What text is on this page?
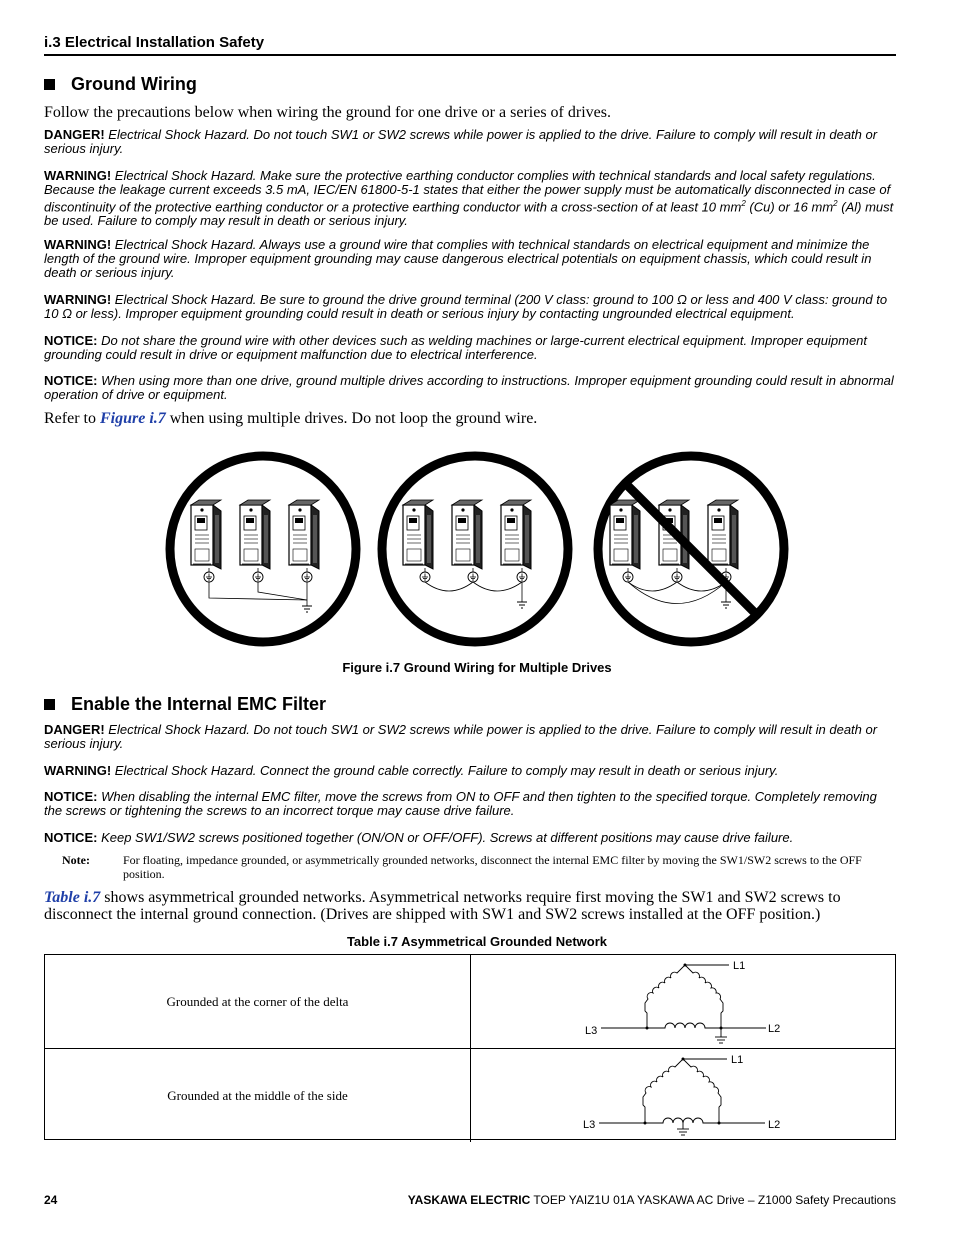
i.3 Electrical Installation Safety
Ground Wiring
Follow the precautions below when wiring the ground for one drive or a series of drives.
DANGER! Electrical Shock Hazard. Do not touch SW1 or SW2 screws while power is applied to the drive. Failure to comply will result in death or serious injury.
WARNING! Electrical Shock Hazard. Make sure the protective earthing conductor complies with technical standards and local safety regulations. Because the leakage current exceeds 3.5 mA, IEC/EN 61800-5-1 states that either the power supply must be automatically disconnected in case of discontinuity of the protective earthing conductor or a protective earthing conductor with a cross-section of at least 10 $mm^2$ (Cu) or 16 $mm^2$ (Al) must be used. Failure to comply may result in death or serious injury.
WARNING! Electrical Shock Hazard. Always use a ground wire that complies with technical standards on electrical equipment and minimize the length of the ground wire. Improper equipment grounding may cause dangerous electrical potentials on equipment chassis, which could result in death or serious injury.
WARNING! Electrical Shock Hazard. Be sure to ground the drive ground terminal (200 V class: ground to 100 Ω or less and 400 V class: ground to 10 Ω or less). Improper equipment grounding could result in death or serious injury by contacting ungrounded electrical equipment.
NOTICE: Do not share the ground wire with other devices such as welding machines or large-current electrical equipment. Improper equipment grounding could result in drive or equipment malfunction due to electrical interference.
NOTICE: When using more than one drive, ground multiple drives according to instructions. Improper equipment grounding could result in abnormal operation of drive or equipment.
Refer to Figure i.7 when using multiple drives. Do not loop the ground wire.
Figure i.7 Ground Wiring for Multiple Drives
Enable the Internal EMC Filter
DANGER! Electrical Shock Hazard. Do not touch SW1 or SW2 screws while power is applied to the drive. Failure to comply will result in death or serious injury.
WARNING! Electrical Shock Hazard. Connect the ground cable correctly. Failure to comply may result in death or serious injury.
NOTICE: When disabling the internal EMC filter, move the screws from ON to OFF and then tighten to the specified torque. Completely removing the screws or tightening the screws to an incorrect torque may cause drive failure.
NOTICE: Keep SW1/SW2 screws positioned together (ON/ON or OFF/OFF). Screws at different positions may cause drive failure.
Note:	For floating, impedance grounded, or asymmetrically grounded networks, disconnect the internal EMC filter by moving the SW1/SW2 screws to the OFF position.
Table i.7 shows asymmetrical grounded networks. Asymmetrical networks require first moving the SW1 and SW2 screws to disconnect the internal ground connection. (Drives are shipped with SW1 and SW2 screws installed at the OFF position.)
Table i.7 Asymmetrical Grounded Network
Grounded at the corner of the delta
L1
L2
L3
Grounded at the middle of the side
L1
L2
L3
24	YASKAWA ELECTRIC TOEP YAIZ1U 01A YASKAWA AC Drive – Z1000 Safety Precautions
